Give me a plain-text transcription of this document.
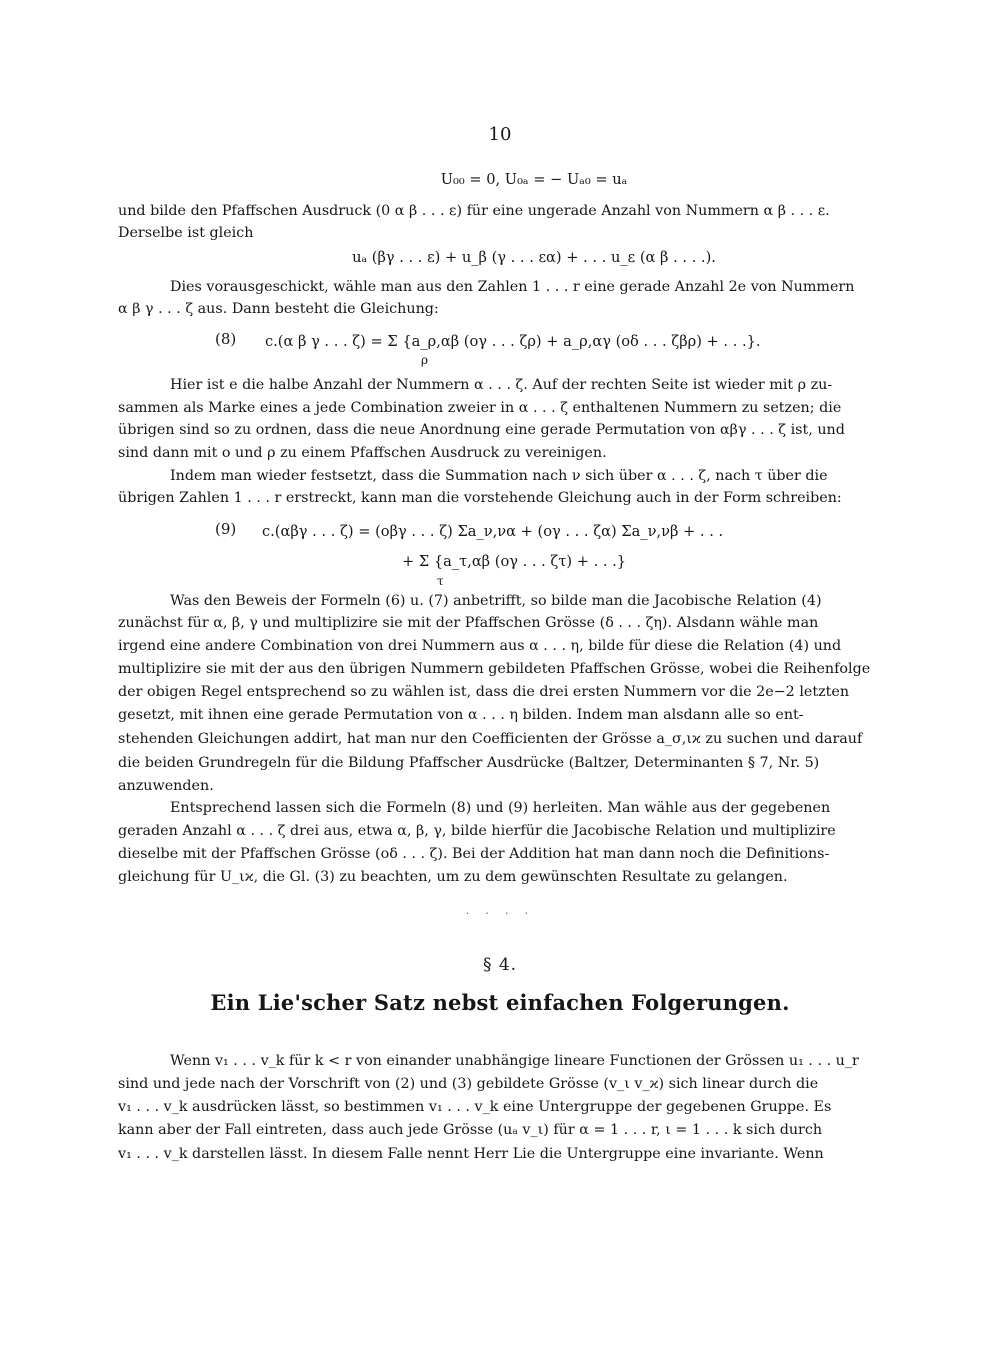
10
U₀₀ = 0, U₀ₐ = − Uₐ₀ = uₐ
und bilde den Pfaffschen Ausdruck (0 α β . . . ε) für eine ungerade Anzahl von Nummern α β . . . ε.
Derselbe ist gleich
uₐ (βγ . . . ε) + u_β (γ . . . εα) + . . . u_ε (α β . . . .).
Dies vorausgeschickt, wähle man aus den Zahlen 1 . . . r eine gerade Anzahl 2e von Nummern
α β γ . . . ζ aus. Dann besteht die Gleichung:
(8) c.(α β γ . . . ζ) = Σ {a_ρ,αβ (ογ . . . ζρ) + a_ρ,αγ (οδ . . . ζβρ) + . . .}.
ρ
Hier ist e die halbe Anzahl der Nummern α . . . ζ. Auf der rechten Seite ist wieder mit ρ zu-
sammen als Marke eines a jede Combination zweier in α . . . ζ enthaltenen Nummern zu setzen; die
übrigen sind so zu ordnen, dass die neue Anordnung eine gerade Permutation von αβγ . . . ζ ist, und
sind dann mit o und ρ zu einem Pfaffschen Ausdruck zu vereinigen.
Indem man wieder festsetzt, dass die Summation nach ν sich über α . . . ζ, nach τ über die
übrigen Zahlen 1 . . . r erstreckt, kann man die vorstehende Gleichung auch in der Form schreiben:
(9) c.(αβγ . . . ζ) = (οβγ . . . ζ) Σa_ν,να + (ογ . . . ζα) Σa_ν,νβ + . . .
+ Σ {a_τ,αβ (ογ . . . ζτ) + . . .}
τ
Was den Beweis der Formeln (6) u. (7) anbetrifft, so bilde man die Jacobische Relation (4)
zunächst für α, β, γ und multiplizire sie mit der Pfaffschen Grösse (δ . . . ζη). Alsdann wähle man
irgend eine andere Combination von drei Nummern aus α . . . η, bilde für diese die Relation (4) und
multiplizire sie mit der aus den übrigen Nummern gebildeten Pfaffschen Grösse, wobei die Reihenfolge
der obigen Regel entsprechend so zu wählen ist, dass die drei ersten Nummern vor die 2e−2 letzten
gesetzt, mit ihnen eine gerade Permutation von α . . . η bilden. Indem man alsdann alle so ent-
stehenden Gleichungen addirt, hat man nur den Coefficienten der Grösse a_σ,ιϰ zu suchen und darauf
die beiden Grundregeln für die Bildung Pfaffscher Ausdrücke (Baltzer, Determinanten § 7, Nr. 5)
anzuwenden.
Entsprechend lassen sich die Formeln (8) und (9) herleiten. Man wähle aus der gegebenen
geraden Anzahl α . . . ζ drei aus, etwa α, β, γ, bilde hierfür die Jacobische Relation und multiplizire
dieselbe mit der Pfaffschen Grösse (οδ . . . ζ). Bei der Addition hat man dann noch die Definitions-
gleichung für U_ιϰ, die Gl. (3) zu beachten, um zu dem gewünschten Resultate zu gelangen.
. . . .
§ 4.
Ein Lie'scher Satz nebst einfachen Folgerungen.
Wenn v₁ . . . v_k für k < r von einander unabhängige lineare Functionen der Grössen u₁ . . . u_r
sind und jede nach der Vorschrift von (2) und (3) gebildete Grösse (v_ι v_ϰ) sich linear durch die
v₁ . . . v_k ausdrücken lässt, so bestimmen v₁ . . . v_k eine Untergruppe der gegebenen Gruppe. Es
kann aber der Fall eintreten, dass auch jede Grösse (uₐ v_ι) für α = 1 . . . r, ι = 1 . . . k sich durch
v₁ . . . v_k darstellen lässt. In diesem Falle nennt Herr Lie die Untergruppe eine invariante. Wenn
